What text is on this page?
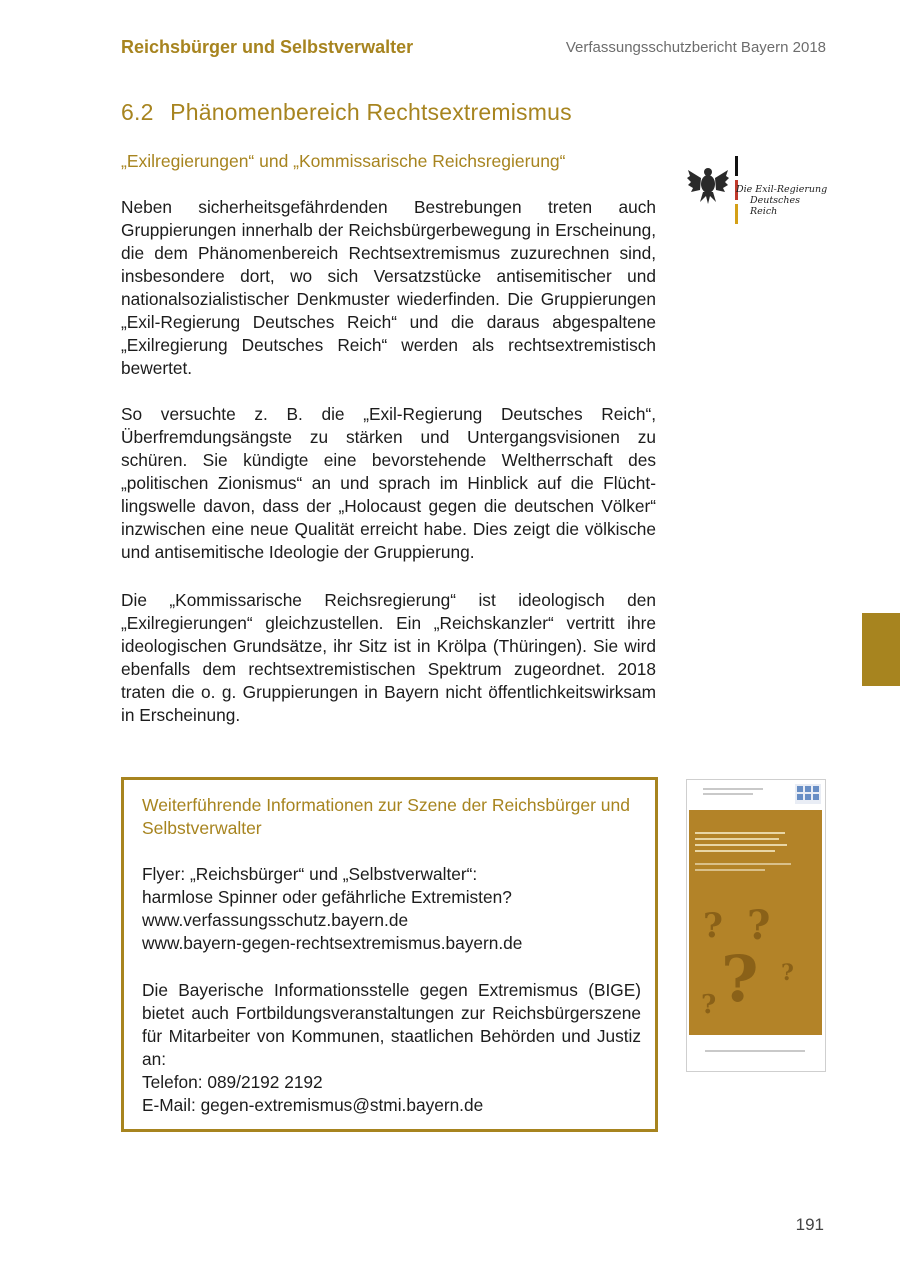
Reichsbürger und Selbstverwalter	Verfassungsschutzbericht Bayern 2018
6.2 Phänomenbereich Rechtsextremismus
„Exilregierungen“ und „Kommissarische Reichsregierung“
Die Exil-Regierung
Deutsches Reich
Neben sicherheitsgefährdenden Bestrebungen treten auch Gruppierungen innerhalb der Reichsbürgerbewegung in Erscheinung, die dem Phänomenbereich Rechtsextremismus zuzurechnen sind, insbesondere dort, wo sich Versatzstücke antisemitischer und nationalsozialistischer Denkmuster wiederfinden. Die Gruppierungen „Exil-Regierung Deutsches Reich“ und die daraus abgespaltene „Exilregierung Deutsches Reich“ werden als rechtsextremistisch bewertet.
So versuchte z. B. die „Exil-Regierung Deutsches Reich“, Überfremdungsängste zu stärken und Untergangsvisionen zu schüren. Sie kündigte eine bevorstehende Weltherrschaft des „politischen Zionismus“ an und sprach im Hinblick auf die Flüchtlingswelle davon, dass der „Holocaust gegen die deutschen Völker“ inzwischen eine neue Qualität erreicht habe. Dies zeigt die völkische und antisemitische Ideologie der Gruppierung.
Die „Kommissarische Reichsregierung“ ist ideologisch den „Exilregierungen“ gleichzustellen. Ein „Reichskanzler“ vertritt ihre ideologischen Grundsätze, ihr Sitz ist in Krölpa (Thüringen). Sie wird ebenfalls dem rechtsextremistischen Spektrum zugeordnet. 2018 traten die o. g. Gruppierungen in Bayern nicht öffentlichkeitswirksam in Erscheinung.
Weiterführende Informationen zur Szene der Reichsbürger und Selbstverwalter
Flyer: „Reichsbürger“ und „Selbstverwalter“:
harmlose Spinner oder gefährliche Extremisten?
www.verfassungsschutz.bayern.de
www.bayern-gegen-rechtsextremismus.bayern.de
Die Bayerische Informationsstelle gegen Extremismus (BIGE) bietet auch Fortbildungsveranstaltungen zur Reichsbürgerszene für Mitarbeiter von Kommunen, staatlichen Behörden und Justiz an:
Telefon: 089/2192 2192
E-Mail: gegen-extremismus@stmi.bayern.de
? ?
?
?
?
191
